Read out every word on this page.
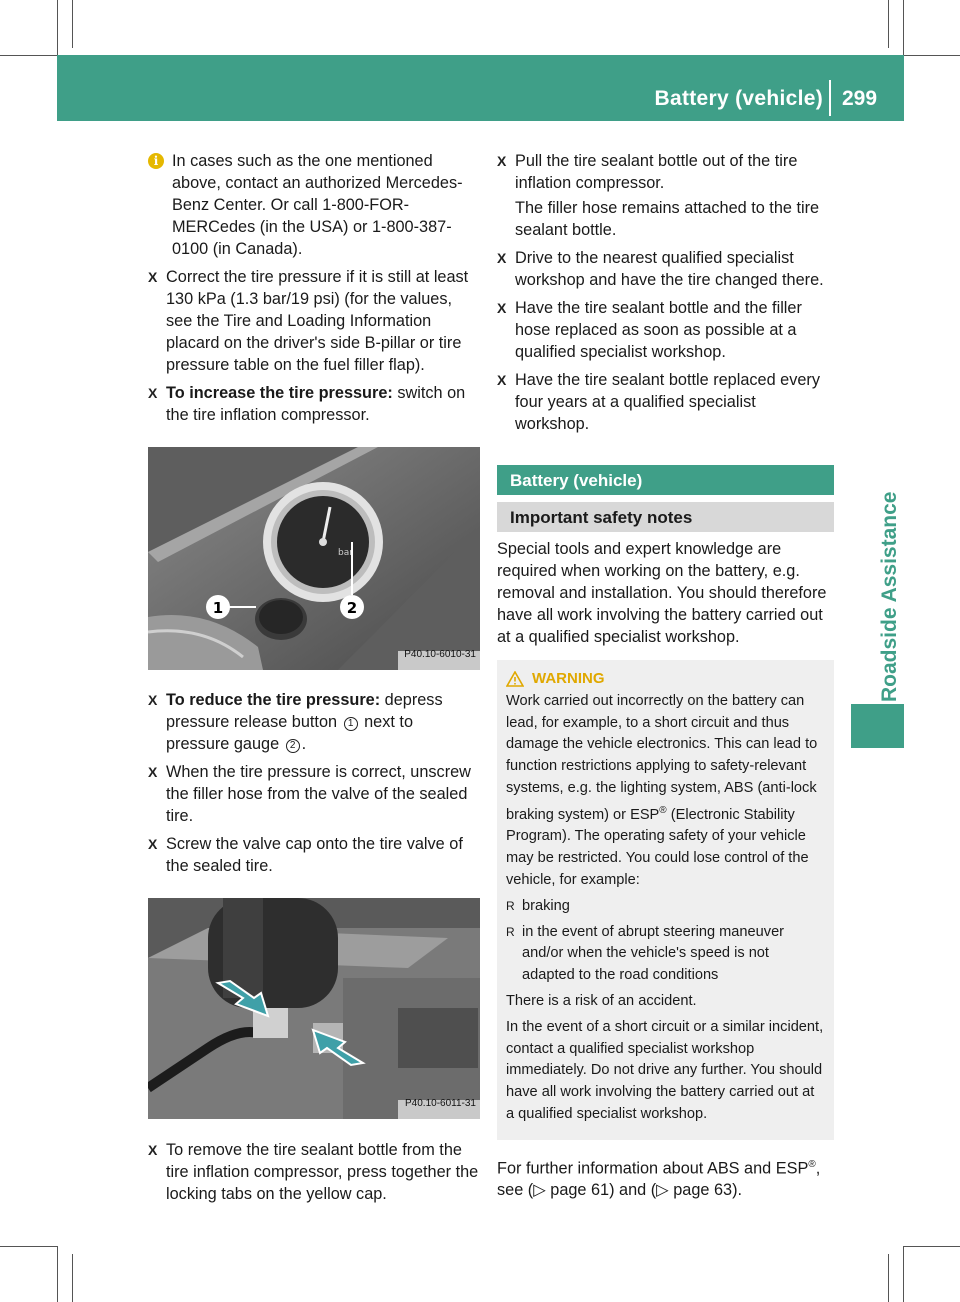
Battery (vehicle) 299
Roadside Assistance
i In cases such as the one mentioned above, contact an authorized Mercedes-Benz Center. Or call 1-800-FOR-MERCedes (in the USA) or 1-800-387-0100 (in Canada).
X Correct the tire pressure if it is still at least 130 kPa (1.3 bar/19 psi) (for the values, see the Tire and Loading Information placard on the driver's side B-pillar or tire pressure table on the fuel filler flap).
X To increase the tire pressure: switch on the tire inflation compressor.
bar
1	2
P40.10-6010-31
X To reduce the tire pressure: depress pressure release button 1 next to pressure gauge 2 .
X When the tire pressure is correct, unscrew the filler hose from the valve of the sealed tire.
X Screw the valve cap onto the tire valve of the sealed tire.
P40.10-6011-31
X To remove the tire sealant bottle from the tire inflation compressor, press together the locking tabs on the yellow cap.
X Pull the tire sealant bottle out of the tire inflation compressor.
The filler hose remains attached to the tire sealant bottle.
X Drive to the nearest qualified specialist workshop and have the tire changed there.
X Have the tire sealant bottle and the filler hose replaced as soon as possible at a qualified specialist workshop.
X Have the tire sealant bottle replaced every four years at a qualified specialist workshop.
Battery (vehicle)
Important safety notes

Special tools and expert knowledge are required when working on the battery, e.g. removal and installation. You should therefore have all work involving the battery carried out at a qualified specialist workshop.

WARNING

Work carried out incorrectly on the battery can lead, for example, to a short circuit and thus damage the vehicle electronics. This can lead to function restrictions applying to safety-relevant systems, e.g. the lighting system, ABS (anti-lock braking system) or ESP® (Electronic Stability Program). The operating safety of your vehicle may be restricted. You could lose control of the vehicle, for example:

R braking
R in the event of abrupt steering maneuver and/or when the vehicle's speed is not adapted to the road conditions

There is a risk of an accident.

In the event of a short circuit or a similar incident, contact a qualified specialist workshop immediately. Do not drive any further. You should have all work involving the battery carried out at a qualified specialist workshop.

For further information about ABS and ESP®, see (▷ page 61) and (▷ page 63).
